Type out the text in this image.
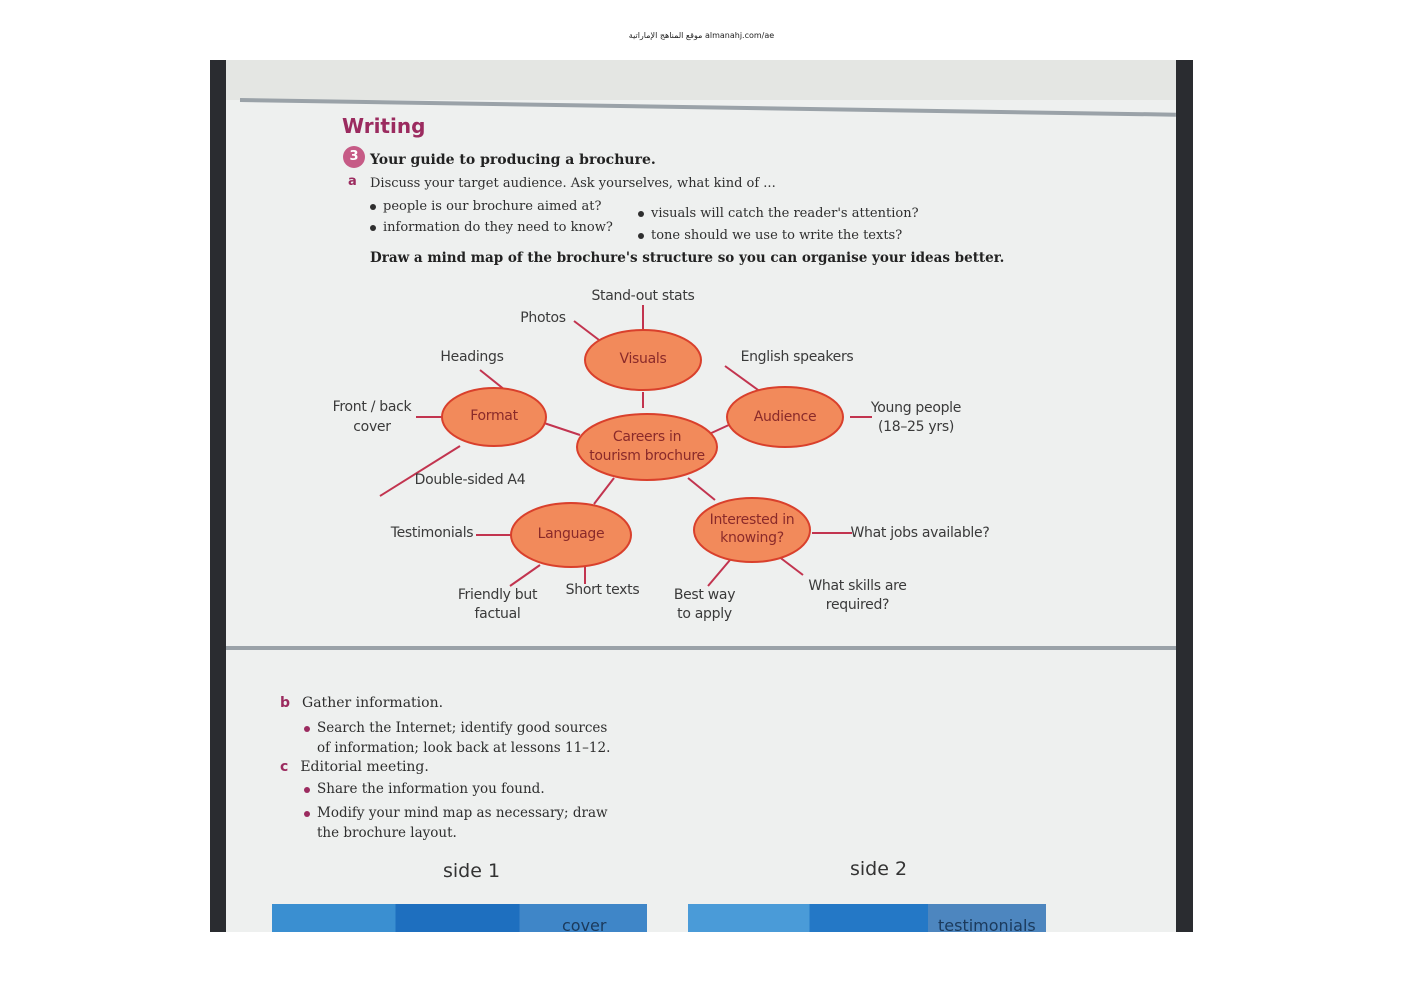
موقع المناهج الإماراتية almanahj.com/ae
Writing
3 Your guide to producing a brochure.
a Discuss your target audience. Ask yourselves, what kind of ...
people is our brochure aimed at?
information do they need to know?
visuals will catch the reader's attention?
tone should we use to write the texts?
Draw a mind map of the brochure's structure so you can organise your ideas better.
Visuals
Format	Audience
Careers in
tourism brochure
Language
Interested in
knowing?
Stand-out stats
Photos
Headings	English speakers
Front / back
cover
Young people
(18–25 yrs)
Double-sided A4
Testimonials	What jobs available?
Friendly but
factual
Short texts	Best way
to apply
What skills are
required?
b Gather information.
Search the Internet; identify good sources
of information; look back at lessons 11–12.
c Editorial meeting.
Share the information you found.
Modify your mind map as necessary; draw
the brochure layout.
side 1	side 2
cover	testimonials
